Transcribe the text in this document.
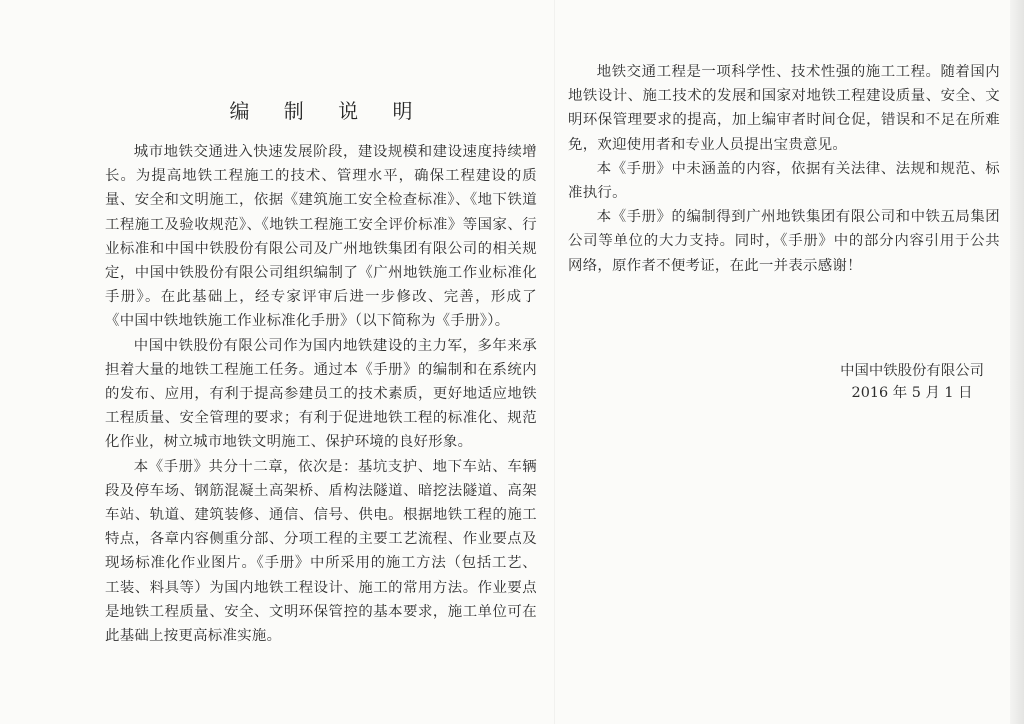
编 制 说 明

城市地铁交通进入快速发展阶段，建设规模和建设速度持续增长。为提高地铁工程施工的技术、管理水平，确保工程建设的质量、安全和文明施工，依据《建筑施工安全检查标准》、《地下铁道工程施工及验收规范》、《地铁工程施工安全评价标准》等国家、行业标准和中国中铁股份有限公司及广州地铁集团有限公司的相关规定，中国中铁股份有限公司组织编制了《广州地铁施工作业标准化手册》。在此基础上，经专家评审后进一步修改、完善，形成了《中国中铁地铁施工作业标准化手册》（以下简称为《手册》）。

中国中铁股份有限公司作为国内地铁建设的主力军，多年来承担着大量的地铁工程施工任务。通过本《手册》的编制和在系统内的发布、应用，有利于提高参建员工的技术素质，更好地适应地铁工程质量、安全管理的要求；有利于促进地铁工程的标准化、规范化作业，树立城市地铁文明施工、保护环境的良好形象。

本《手册》共分十二章，依次是：基坑支护、地下车站、车辆段及停车场、钢筋混凝土高架桥、盾构法隧道、暗挖法隧道、高架车站、轨道、建筑装修、通信、信号、供电。根据地铁工程的施工特点，各章内容侧重分部、分项工程的主要工艺流程、作业要点及现场标准化作业图片。《手册》中所采用的施工方法（包括工艺、工装、料具等）为国内地铁工程设计、施工的常用方法。作业要点是地铁工程质量、安全、文明环保管控的基本要求，施工单位可在此基础上按更高标准实施。

地铁交通工程是一项科学性、技术性强的施工工程。随着国内地铁设计、施工技术的发展和国家对地铁工程建设质量、安全、文明环保管理要求的提高，加上编审者时间仓促，错误和不足在所难免，欢迎使用者和专业人员提出宝贵意见。

本《手册》中未涵盖的内容，依据有关法律、法规和规范、标准执行。

本《手册》的编制得到广州地铁集团有限公司和中铁五局集团公司等单位的大力支持。同时，《手册》中的部分内容引用于公共网络，原作者不便考证，在此一并表示感谢！

中国中铁股份有限公司
2016 年 5 月 1 日
